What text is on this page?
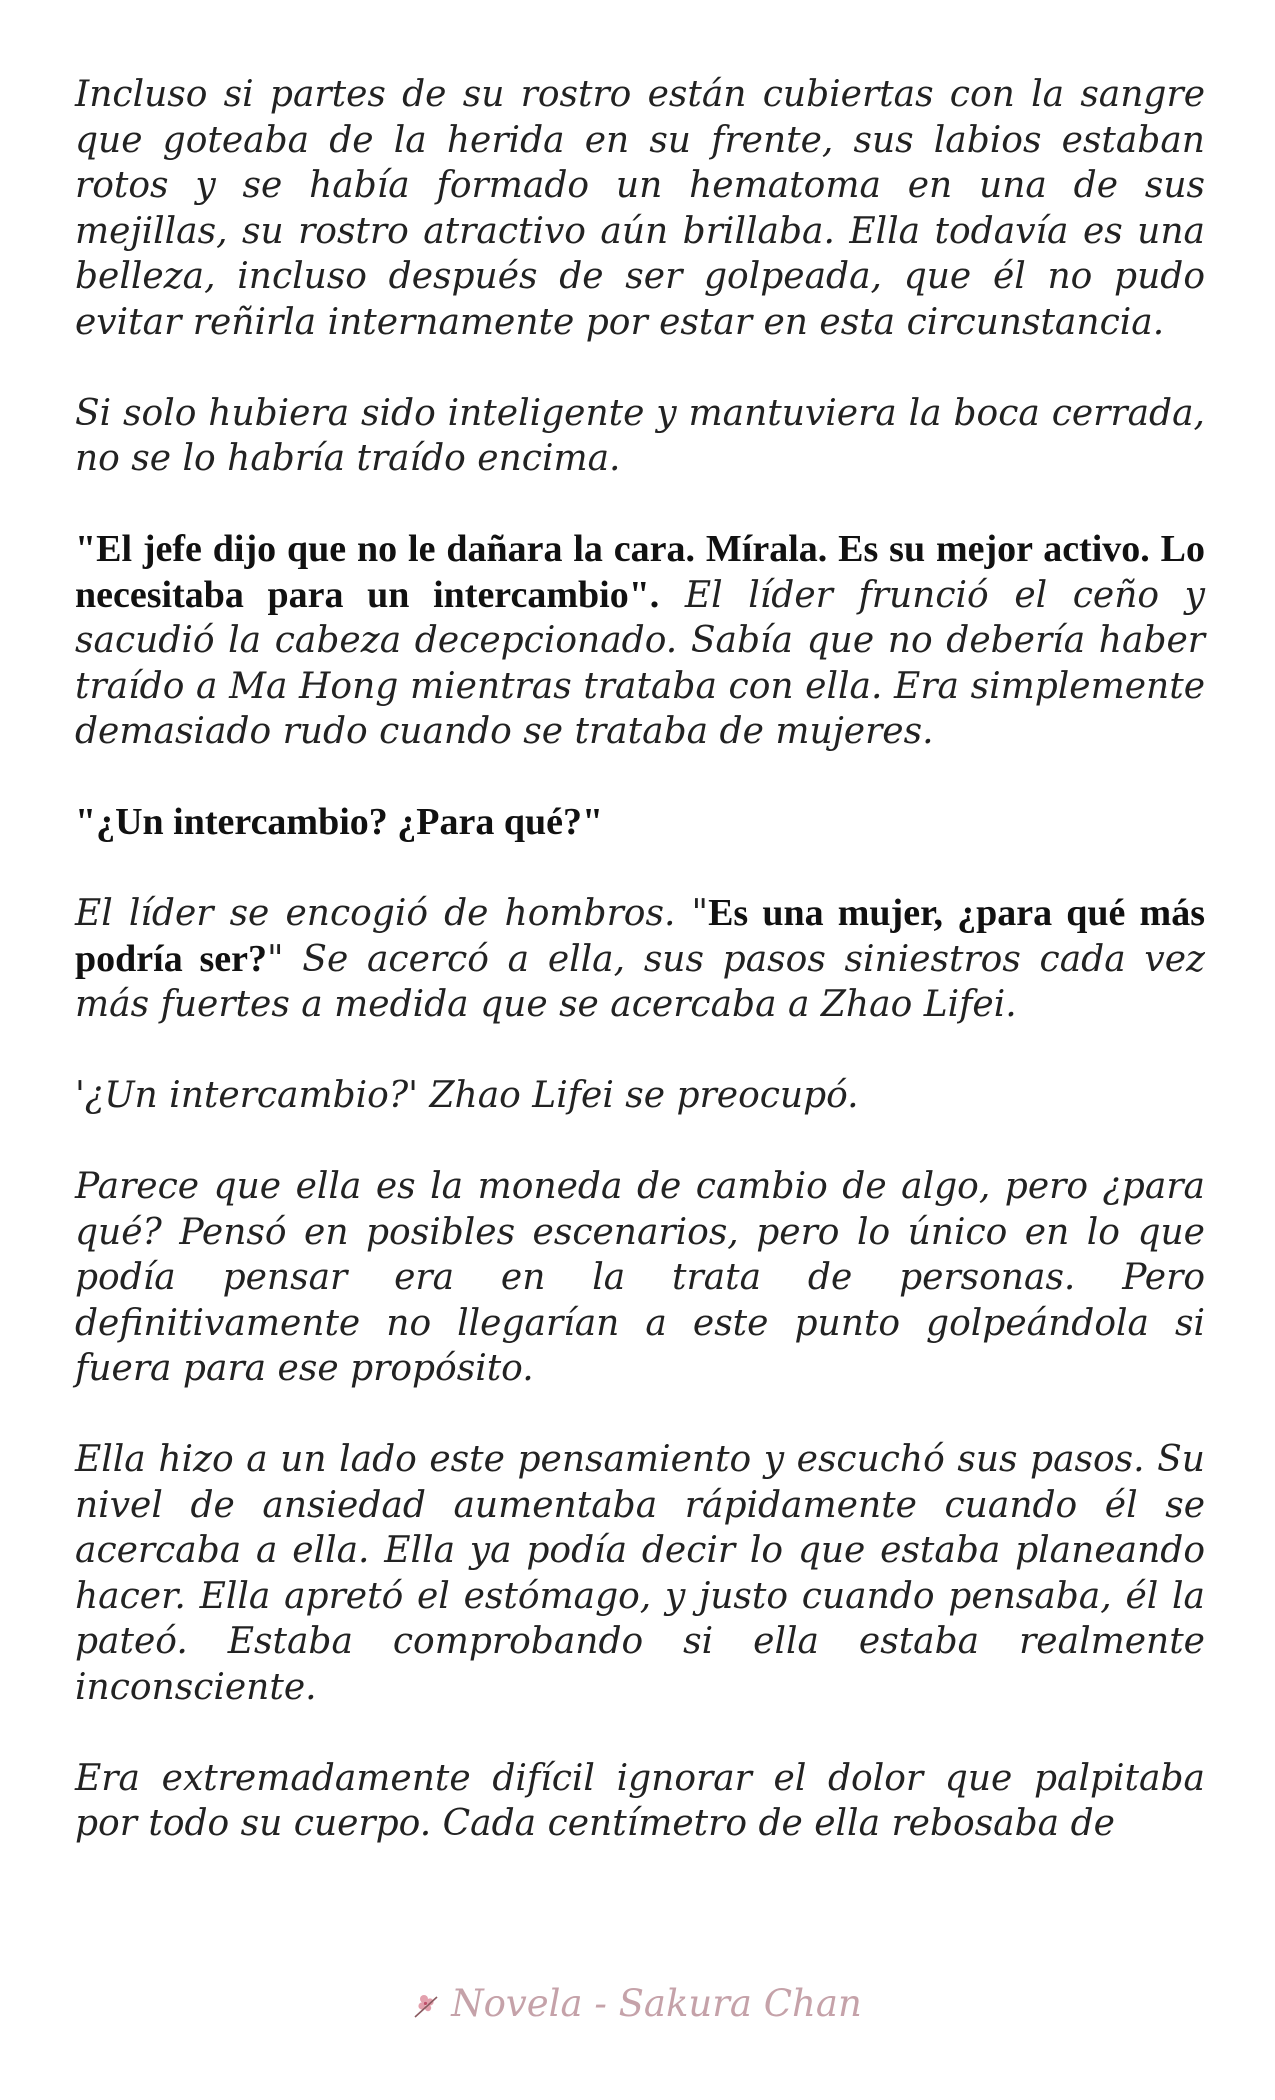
Incluso si partes de su rostro están cubiertas con la sangre que goteaba de la herida en su frente, sus labios estaban rotos y se había formado un hematoma en una de sus mejillas, su rostro atractivo aún brillaba. Ella todavía es una belleza, incluso después de ser golpeada, que él no pudo evitar reñirla internamente por estar en esta circunstancia.

Si solo hubiera sido inteligente y mantuviera la boca cerrada, no se lo habría traído encima.

"El jefe dijo que no le dañara la cara. Mírala. Es su mejor activo. Lo necesitaba para un intercambio". El líder frunció el ceño y sacudió la cabeza decepcionado. Sabía que no debería haber traído a Ma Hong mientras trataba con ella. Era simplemente demasiado rudo cuando se trataba de mujeres.

"¿Un intercambio? ¿Para qué?"

El líder se encogió de hombros. "Es una mujer, ¿para qué más podría ser?" Se acercó a ella, sus pasos siniestros cada vez más fuertes a medida que se acercaba a Zhao Lifei.

'¿Un intercambio?' Zhao Lifei se preocupó.

Parece que ella es la moneda de cambio de algo, pero ¿para qué? Pensó en posibles escenarios, pero lo único en lo que podía pensar era en la trata de personas. Pero definitivamente no llegarían a este punto golpeándola si fuera para ese propósito.

Ella hizo a un lado este pensamiento y escuchó sus pasos. Su nivel de ansiedad aumentaba rápidamente cuando él se acercaba a ella. Ella ya podía decir lo que estaba planeando hacer. Ella apretó el estómago, y justo cuando pensaba, él la pateó. Estaba comprobando si ella estaba realmente inconsciente.

Era extremadamente difícil ignorar el dolor que palpitaba por todo su cuerpo. Cada centímetro de ella rebosaba de

Novela - Sakura Chan
